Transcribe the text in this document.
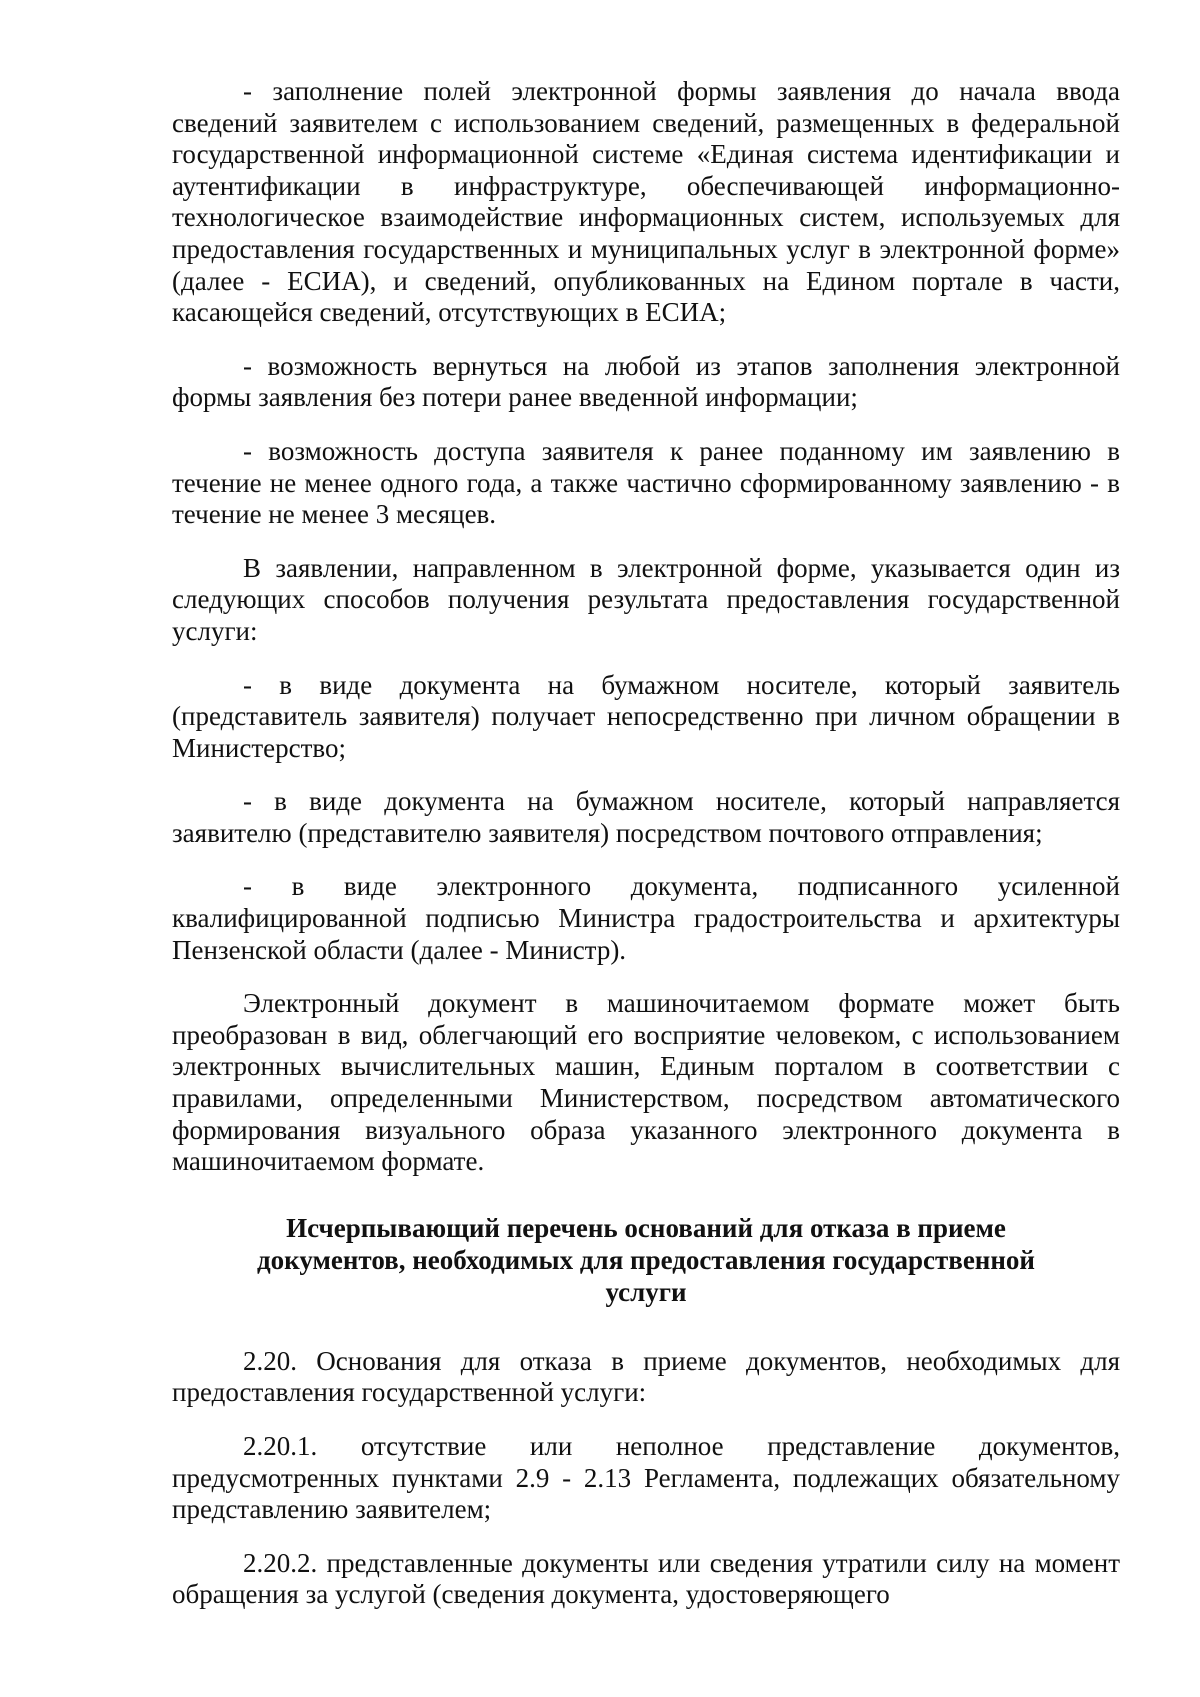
- заполнение полей электронной формы заявления до начала ввода сведений заявителем с использованием сведений, размещенных в федеральной государственной информационной системе «Единая система идентификации и аутентификации в инфраструктуре, обеспечивающей информационно-технологическое взаимодействие информационных систем, используемых для предоставления государственных и муниципальных услуг в электронной форме» (далее - ЕСИА), и сведений, опубликованных на Едином портале в части, касающейся сведений, отсутствующих в ЕСИА;

- возможность вернуться на любой из этапов заполнения электронной формы заявления без потери ранее введенной информации;

- возможность доступа заявителя к ранее поданному им заявлению в течение не менее одного года, а также частично сформированному заявлению - в течение не менее 3 месяцев.

В заявлении, направленном в электронной форме, указывается один из следующих способов получения результата предоставления государственной услуги:

- в виде документа на бумажном носителе, который заявитель (представитель заявителя) получает непосредственно при личном обращении в Министерство;

- в виде документа на бумажном носителе, который направляется заявителю (представителю заявителя) посредством почтового отправления;

- в виде электронного документа, подписанного усиленной квалифицированной подписью Министра градостроительства и архитектуры Пензенской области (далее - Министр).

Электронный документ в машиночитаемом формате может быть преобразован в вид, облегчающий его восприятие человеком, с использованием электронных вычислительных машин, Единым порталом в соответствии с правилами, определенными Министерством, посредством автоматического формирования визуального образа указанного электронного документа в машиночитаемом формате.

Исчерпывающий перечень оснований для отказа в приеме
документов, необходимых для предоставления государственной
услуги

2.20. Основания для отказа в приеме документов, необходимых для предоставления государственной услуги:

2.20.1. отсутствие или неполное представление документов, предусмотренных пунктами 2.9 - 2.13 Регламента, подлежащих обязательному представлению заявителем;

2.20.2. представленные документы или сведения утратили силу на момент обращения за услугой (сведения документа, удостоверяющего
